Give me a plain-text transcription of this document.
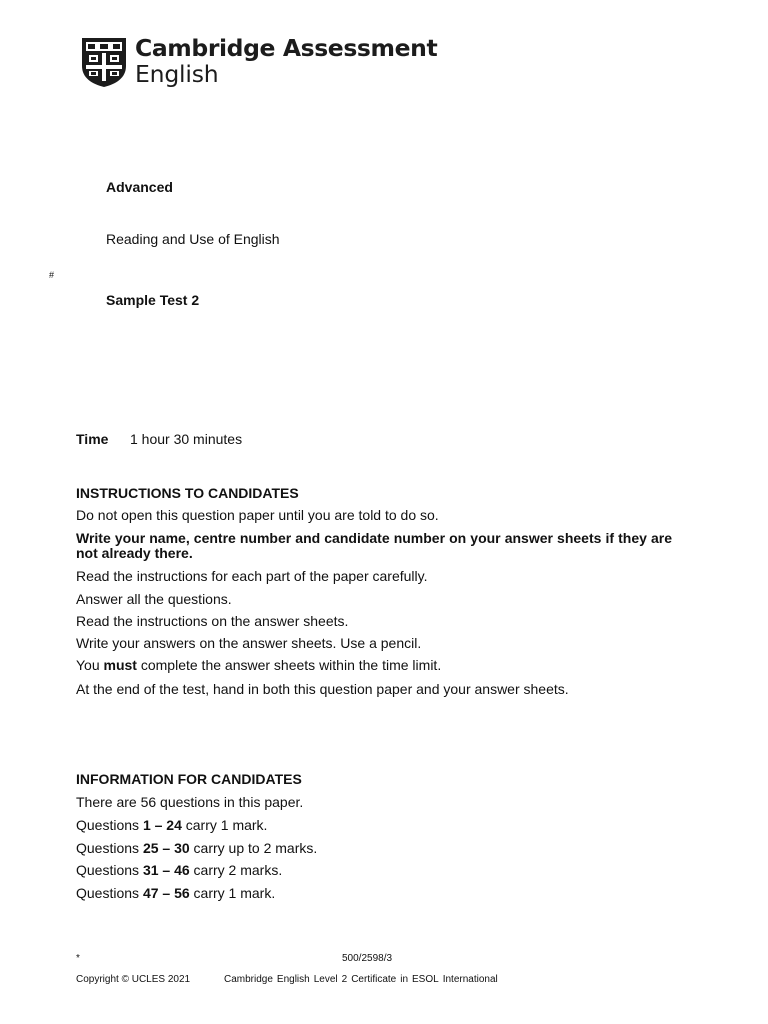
Cambridge Assessment
English
Advanced
Reading and Use of English
#
Sample Test 2
Time 1 hour 30 minutes
INSTRUCTIONS TO CANDIDATES
Do not open this question paper until you are told to do so.
Write your name, centre number and candidate number on your answer sheets if they are not already there.
Read the instructions for each part of the paper carefully.
Answer all the questions.
Read the instructions on the answer sheets.
Write your answers on the answer sheets. Use a pencil.
You must complete the answer sheets within the time limit.
At the end of the test, hand in both this question paper and your answer sheets.
INFORMATION FOR CANDIDATES
There are 56 questions in this paper.
Questions 1 – 24 carry 1 mark.
Questions 25 – 30 carry up to 2 marks.
Questions 31 – 46 carry 2 marks.
Questions 47 – 56 carry 1 mark.
*	500/2598/3
Copyright © UCLES 2021	Cambridge English Level 2 Certificate in ESOL International
